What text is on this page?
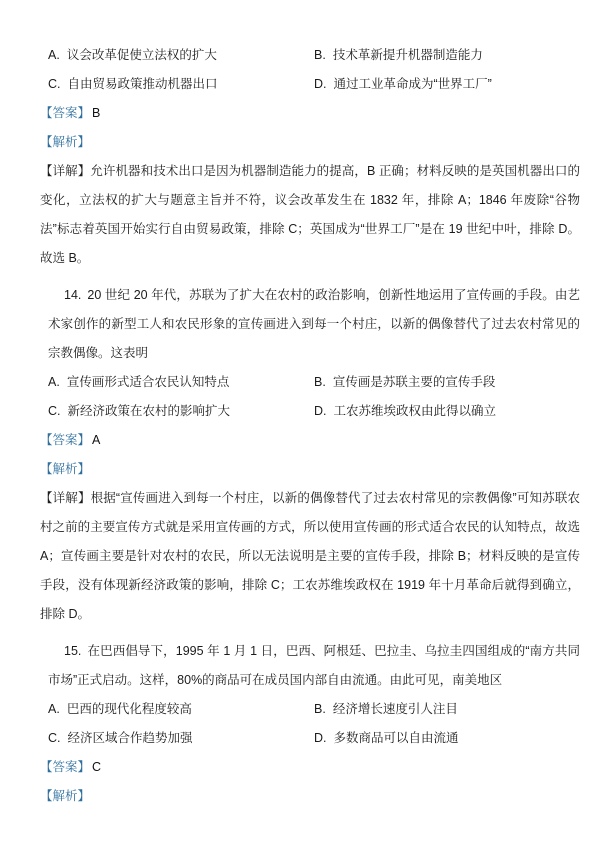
A. 议会改革促使立法权的扩大	B. 技术革新提升机器制造能力

C. 自由贸易政策推动机器出口	D. 通过工业革命成为“世界工厂”

【答案】 B

【解析】

【详解】允许机器和技术出口是因为机器制造能力的提高，B 正确；材料反映的是英国机器出口的变化，立法权的扩大与题意主旨并不符，议会改革发生在 1832 年，排除 A；1846 年废除“谷物法”标志着英国开始实行自由贸易政策，排除 C；英国成为“世界工厂”是在 19 世纪中叶，排除 D。故选 B。

14. 20 世纪 20 年代，苏联为了扩大在农村的政治影响，创新性地运用了宣传画的手段。由艺术家创作的新型工人和农民形象的宣传画进入到每一个村庄，以新的偶像替代了过去农村常见的宗教偶像。这表明

A. 宣传画形式适合农民认知特点	B. 宣传画是苏联主要的宣传手段

C. 新经济政策在农村的影响扩大	D. 工农苏维埃政权由此得以确立

【答案】 A

【解析】

【详解】根据“宣传画进入到每一个村庄，以新的偶像替代了过去农村常见的宗教偶像”可知苏联农村之前的主要宣传方式就是采用宣传画的方式，所以使用宣传画的形式适合农民的认知特点，故选 A；宣传画主要是针对农村的农民，所以无法说明是主要的宣传手段，排除 B；材料反映的是宣传手段，没有体现新经济政策的影响，排除 C；工农苏维埃政权在 1919 年十月革命后就得到确立，排除 D。

15. 在巴西倡导下，1995 年 1 月 1 日，巴西、阿根廷、巴拉圭、乌拉圭四国组成的“南方共同市场”正式启动。这样，80%的商品可在成员国内部自由流通。由此可见，南美地区

A. 巴西的现代化程度较高	B. 经济增长速度引人注目

C. 经济区域合作趋势加强	D. 多数商品可以自由流通

【答案】 C

【解析】
